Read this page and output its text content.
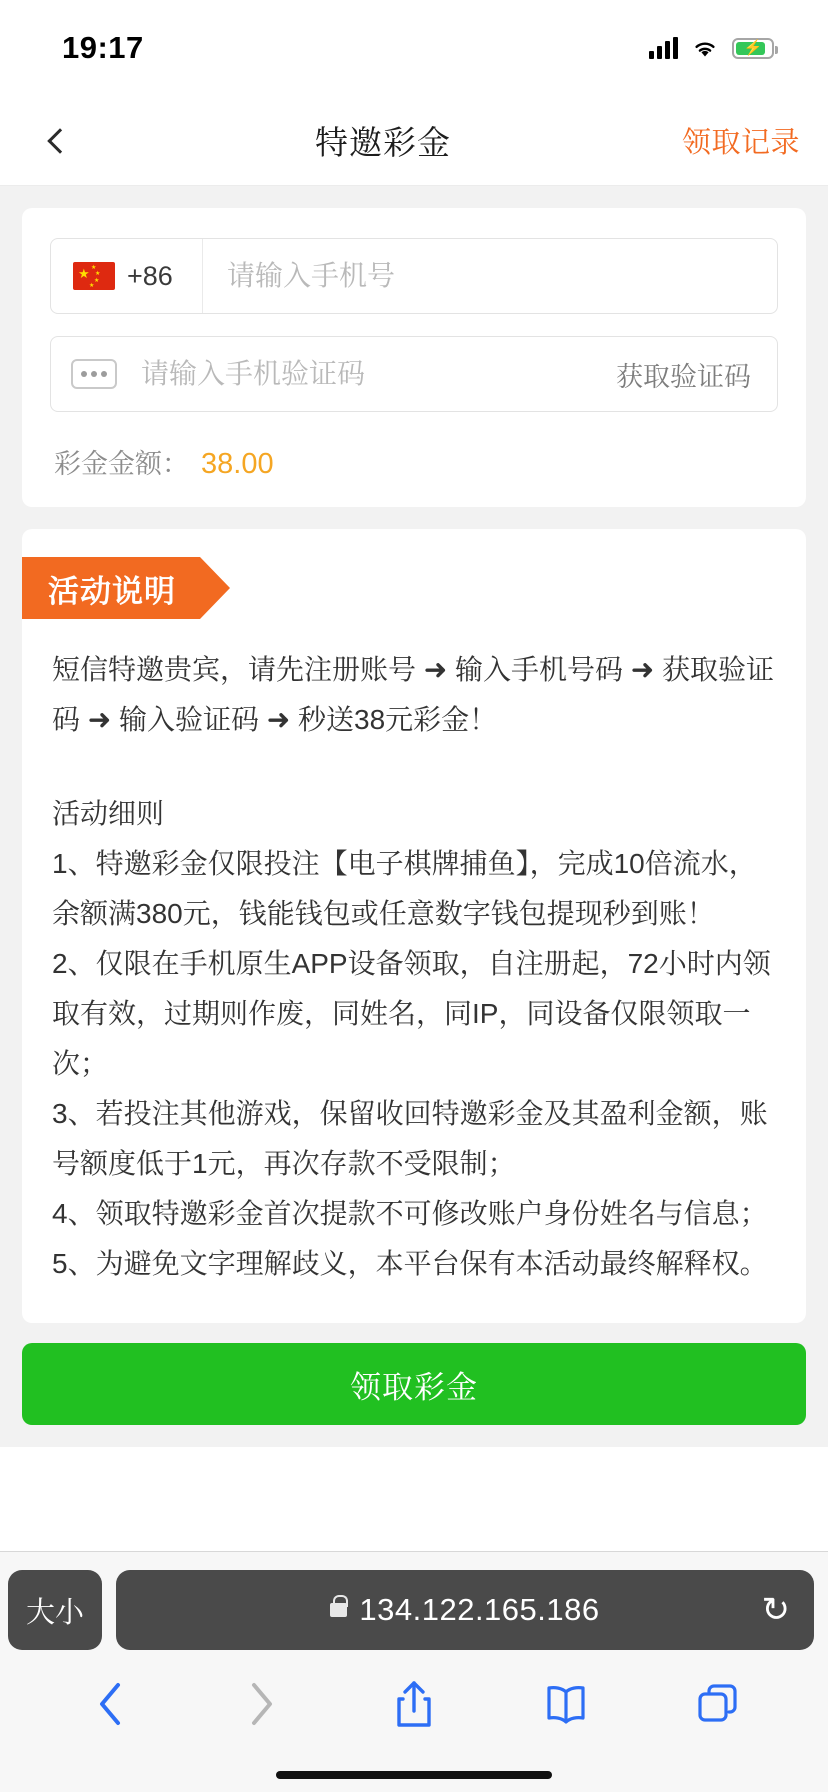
19:17	⚡
特邀彩金	领取记录
★ ★
★
★
★ +86
请输入手机号
请输入手机验证码
获取验证码
彩金金额： 38.00
活动说明
短信特邀贵宾，请先注册账号 ➜ 输入手机号码 ➜ 获取验证码 ➜ 输入验证码 ➜ 秒送38元彩金！
活动细则

1、特邀彩金仅限投注【电子棋牌捕鱼】，完成10倍流水，余额满380元，钱能钱包或任意数字钱包提现秒到账！

2、仅限在手机原生APP设备领取，自注册起，72小时内领取有效，过期则作废，同姓名，同IP，同设备仅限领取一次；

3、若投注其他游戏，保留收回特邀彩金及其盈利金额，账号额度低于1元，再次存款不受限制；

4、领取特邀彩金首次提款不可修改账户身份姓名与信息；

5、为避免文字理解歧义，本平台保有本活动最终解释权。

领取彩金
大小	134.122.165.186	↻
